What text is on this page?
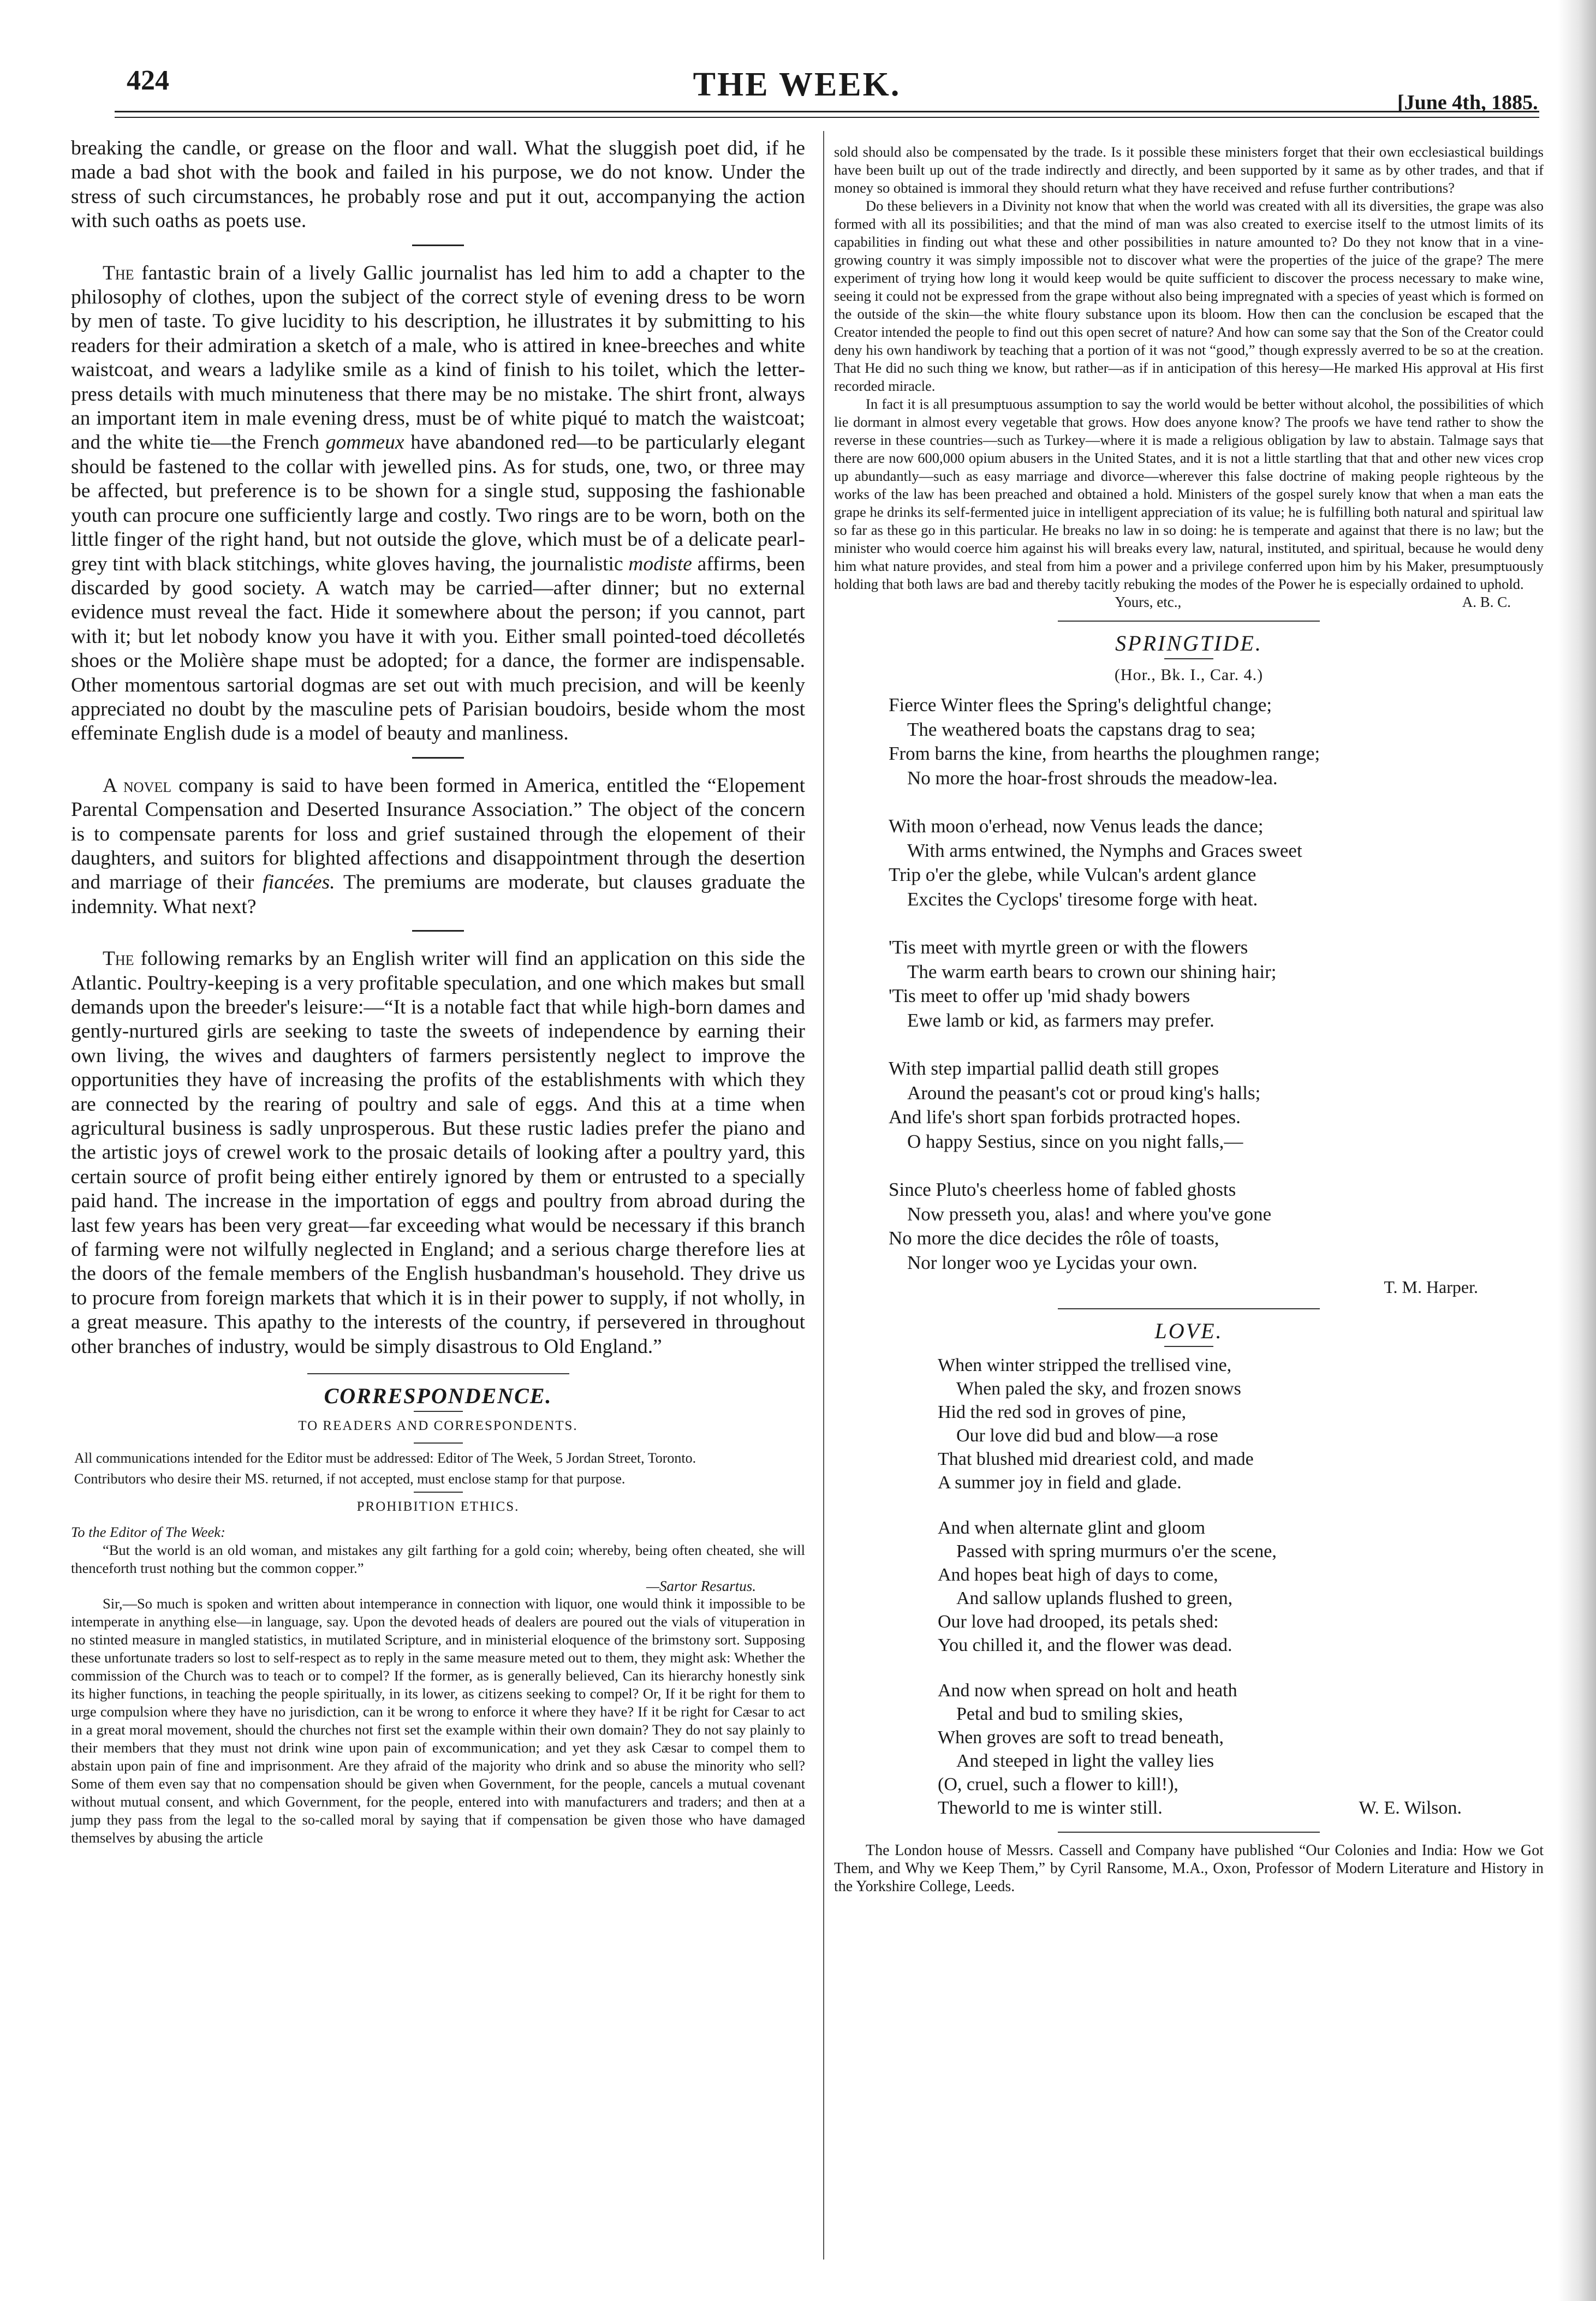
424	THE WEEK.	[June 4th, 1885.

breaking the candle, or grease on the floor and wall. What the sluggish poet did, if he made a bad shot with the book and failed in his purpose, we do not know. Under the stress of such circumstances, he probably rose and put it out, accompanying the action with such oaths as poets use.

The fantastic brain of a lively Gallic journalist has led him to add a chapter to the philosophy of clothes, upon the subject of the correct style of evening dress to be worn by men of taste. To give lucidity to his description, he illustrates it by submitting to his readers for their admiration a sketch of a male, who is attired in knee-breeches and white waistcoat, and wears a ladylike smile as a kind of finish to his toilet, which the letter-press details with much minuteness that there may be no mistake. The shirt front, always an important item in male evening dress, must be of white piqué to match the waistcoat; and the white tie—the French gommeux have abandoned red—to be particularly elegant should be fastened to the collar with jewelled pins. As for studs, one, two, or three may be affected, but preference is to be shown for a single stud, supposing the fashionable youth can procure one sufficiently large and costly. Two rings are to be worn, both on the little finger of the right hand, but not outside the glove, which must be of a delicate pearl-grey tint with black stitchings, white gloves having, the journalistic modiste affirms, been discarded by good society. A watch may be carried—after dinner; but no external evidence must reveal the fact. Hide it somewhere about the person; if you cannot, part with it; but let nobody know you have it with you. Either small pointed-toed décolletés shoes or the Molière shape must be adopted; for a dance, the former are indispensable. Other momentous sartorial dogmas are set out with much precision, and will be keenly appreciated no doubt by the masculine pets of Parisian boudoirs, beside whom the most effeminate English dude is a model of beauty and manliness.

A novel company is said to have been formed in America, entitled the “Elopement Parental Compensation and Deserted Insurance Association.” The object of the concern is to compensate parents for loss and grief sustained through the elopement of their daughters, and suitors for blighted affections and disappointment through the desertion and marriage of their fiancées. The premiums are moderate, but clauses graduate the indemnity. What next?

The following remarks by an English writer will find an application on this side the Atlantic. Poultry-keeping is a very profitable speculation, and one which makes but small demands upon the breeder's leisure:—“It is a notable fact that while high-born dames and gently-nurtured girls are seeking to taste the sweets of independence by earning their own living, the wives and daughters of farmers persistently neglect to improve the opportunities they have of increasing the profits of the establishments with which they are connected by the rearing of poultry and sale of eggs. And this at a time when agricultural business is sadly unprosperous. But these rustic ladies prefer the piano and the artistic joys of crewel work to the prosaic details of looking after a poultry yard, this certain source of profit being either entirely ignored by them or entrusted to a specially paid hand. The increase in the importation of eggs and poultry from abroad during the last few years has been very great—far exceeding what would be necessary if this branch of farming were not wilfully neglected in England; and a serious charge therefore lies at the doors of the female members of the English husbandman's household. They drive us to procure from foreign markets that which it is in their power to supply, if not wholly, in a great measure. This apathy to the interests of the country, if persevered in throughout other branches of industry, would be simply disastrous to Old England.”

CORRESPONDENCE.
TO READERS AND CORRESPONDENTS.

All communications intended for the Editor must be addressed: Editor of The Week, 5 Jordan Street, Toronto.

Contributors who desire their MS. returned, if not accepted, must enclose stamp for that purpose.

PROHIBITION ETHICS.

To the Editor of The Week:

“But the world is an old woman, and mistakes any gilt farthing for a gold coin; whereby, being often cheated, she will thenceforth trust nothing but the common copper.”

—Sartor Resartus.

Sir,—So much is spoken and written about intemperance in connection with liquor, one would think it impossible to be intemperate in anything else—in language, say. Upon the devoted heads of dealers are poured out the vials of vituperation in no stinted measure in mangled statistics, in mutilated Scripture, and in ministerial eloquence of the brimstony sort. Supposing these unfortunate traders so lost to self-respect as to reply in the same measure meted out to them, they might ask: Whether the commission of the Church was to teach or to compel? If the former, as is generally believed, Can its hierarchy honestly sink its higher functions, in teaching the people spiritually, in its lower, as citizens seeking to compel? Or, If it be right for them to urge compulsion where they have no jurisdiction, can it be wrong to enforce it where they have? If it be right for Cæsar to act in a great moral movement, should the churches not first set the example within their own domain? They do not say plainly to their members that they must not drink wine upon pain of excommunication; and yet they ask Cæsar to compel them to abstain upon pain of fine and imprisonment. Are they afraid of the majority who drink and so abuse the minority who sell? Some of them even say that no compensation should be given when Government, for the people, cancels a mutual covenant without mutual consent, and which Government, for the people, entered into with manufacturers and traders; and then at a jump they pass from the legal to the so-called moral by saying that if compensation be given those who have damaged themselves by abusing the article

sold should also be compensated by the trade. Is it possible these ministers forget that their own ecclesiastical buildings have been built up out of the trade indirectly and directly, and been supported by it same as by other trades, and that if money so obtained is immoral they should return what they have received and refuse further contributions?

Do these believers in a Divinity not know that when the world was created with all its diversities, the grape was also formed with all its possibilities; and that the mind of man was also created to exercise itself to the utmost limits of its capabilities in finding out what these and other possibilities in nature amounted to? Do they not know that in a vine-growing country it was simply impossible not to discover what were the properties of the juice of the grape? The mere experiment of trying how long it would keep would be quite sufficient to discover the process necessary to make wine, seeing it could not be expressed from the grape without also being impregnated with a species of yeast which is formed on the outside of the skin—the white floury substance upon its bloom. How then can the conclusion be escaped that the Creator intended the people to find out this open secret of nature? And how can some say that the Son of the Creator could deny his own handiwork by teaching that a portion of it was not “good,” though expressly averred to be so at the creation. That He did no such thing we know, but rather—as if in anticipation of this heresy—He marked His approval at His first recorded miracle.

In fact it is all presumptuous assumption to say the world would be better without alcohol, the possibilities of which lie dormant in almost every vegetable that grows. How does anyone know? The proofs we have tend rather to show the reverse in these countries—such as Turkey—where it is made a religious obligation by law to abstain. Talmage says that there are now 600,000 opium abusers in the United States, and it is not a little startling that that and other new vices crop up abundantly—such as easy marriage and divorce—wherever this false doctrine of making people righteous by the works of the law has been preached and obtained a hold. Ministers of the gospel surely know that when a man eats the grape he drinks its self-fermented juice in intelligent appreciation of its value; he is fulfilling both natural and spiritual law so far as these go in this particular. He breaks no law in so doing: he is temperate and against that there is no law; but the minister who would coerce him against his will breaks every law, natural, instituted, and spiritual, because he would deny him what nature provides, and steal from him a power and a privilege conferred upon him by his Maker, presumptuously holding that both laws are bad and thereby tacitly rebuking the modes of the Power he is especially ordained to uphold.

Yours, etc.,	A. B. C.
SPRINGTIDE.
(Hor., Bk. I., Car. 4.)
Fierce Winter flees the Spring's delightful change;
The weathered boats the capstans drag to sea;
From barns the kine, from hearths the ploughmen range;
No more the hoar-frost shrouds the meadow-lea.
With moon o'erhead, now Venus leads the dance;
With arms entwined, the Nymphs and Graces sweet
Trip o'er the glebe, while Vulcan's ardent glance
Excites the Cyclops' tiresome forge with heat.
'Tis meet with myrtle green or with the flowers
The warm earth bears to crown our shining hair;
'Tis meet to offer up 'mid shady bowers
Ewe lamb or kid, as farmers may prefer.
With step impartial pallid death still gropes
Around the peasant's cot or proud king's halls;
And life's short span forbids protracted hopes.
O happy Sestius, since on you night falls,—
Since Pluto's cheerless home of fabled ghosts
Now presseth you, alas! and where you've gone
No more the dice decides the rôle of toasts,
Nor longer woo ye Lycidas your own.
T. M. Harper.
LOVE.
When winter stripped the trellised vine,
When paled the sky, and frozen snows
Hid the red sod in groves of pine,
Our love did bud and blow—a rose
That blushed mid dreariest cold, and made
A summer joy in field and glade.
And when alternate glint and gloom
Passed with spring murmurs o'er the scene,
And hopes beat high of days to come,
And sallow uplands flushed to green,
Our love had drooped, its petals shed:
You chilled it, and the flower was dead.
And now when spread on holt and heath
Petal and bud to smiling skies,
When groves are soft to tread beneath,
And steeped in light the valley lies
(O, cruel, such a flower to kill!),
Theworld to me is winter still.	W. E. Wilson.

The London house of Messrs. Cassell and Company have published “Our Colonies and India: How we Got Them, and Why we Keep Them,” by Cyril Ransome, M.A., Oxon, Professor of Modern Literature and History in the Yorkshire College, Leeds.
